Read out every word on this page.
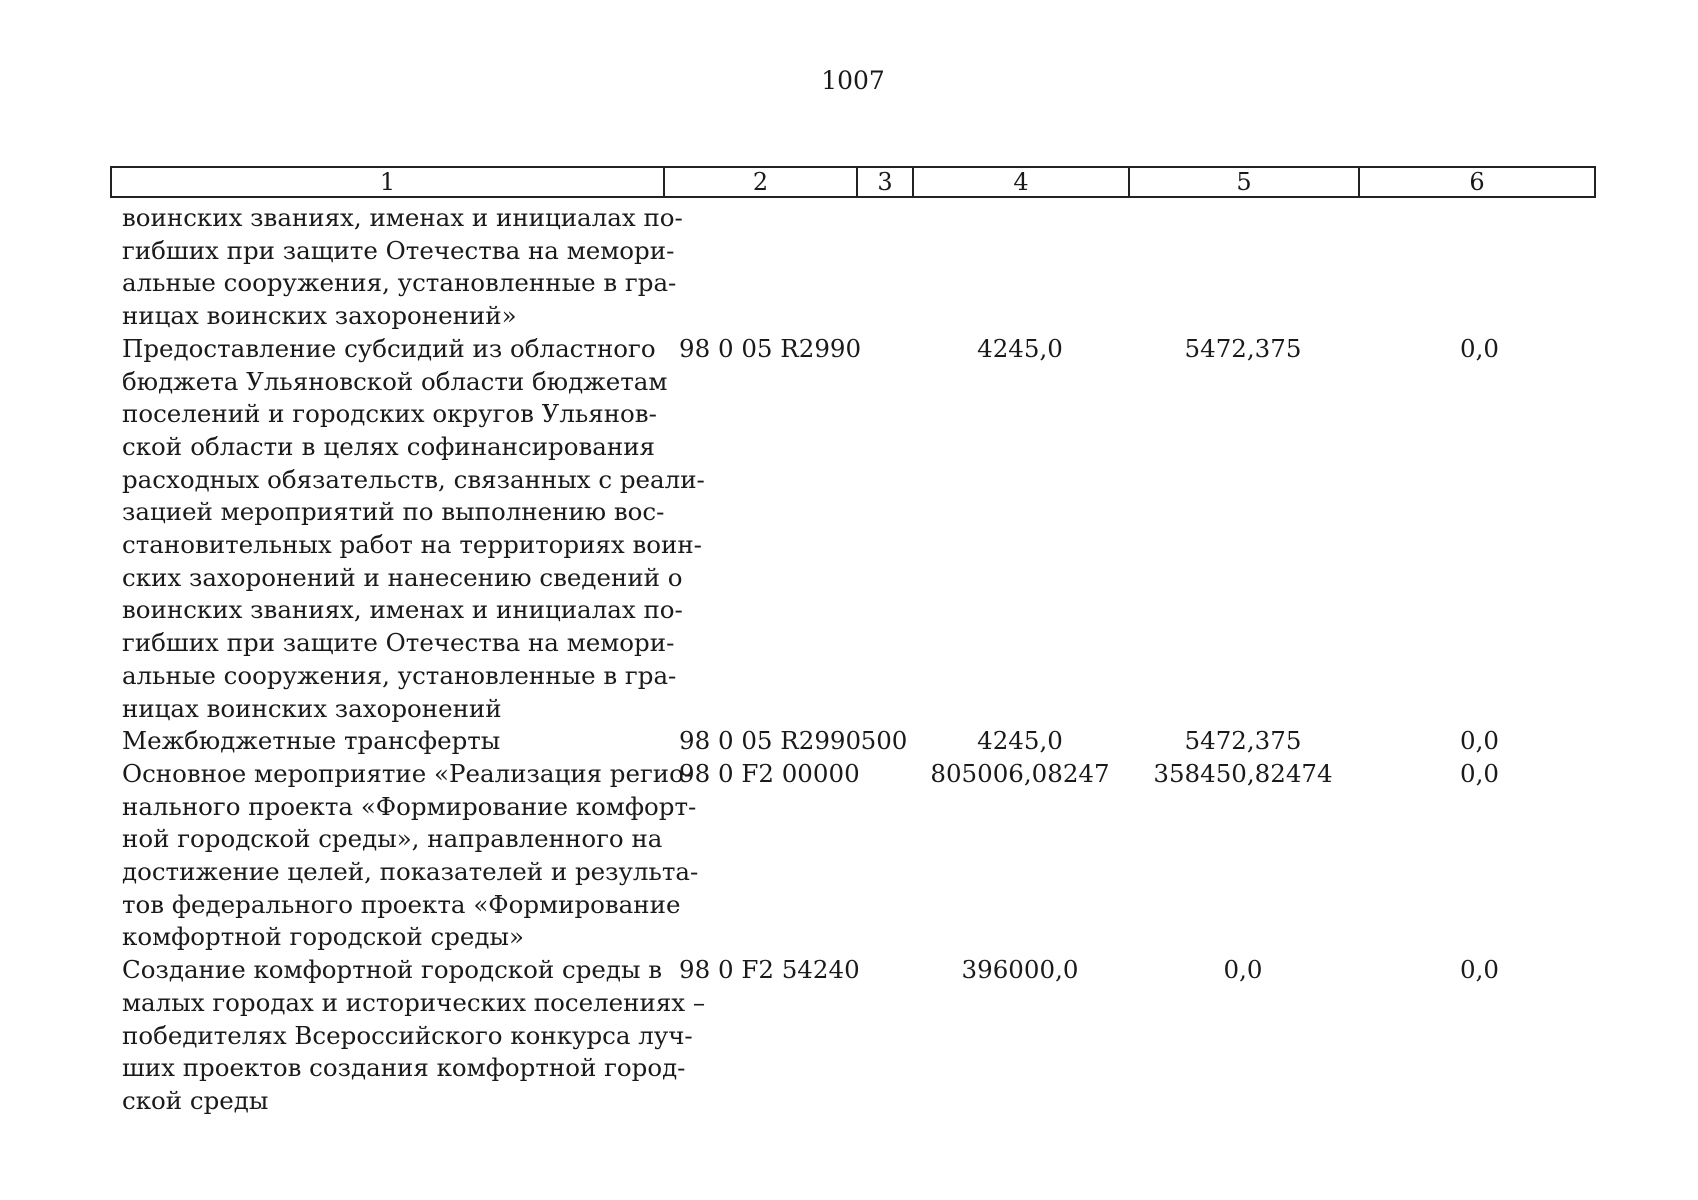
1007
1	2	3	4	5	6
воинских званиях, именах и инициалах по-
гибших при защите Отечества на мемори-
альные сооружения, установленные в гра-
ницах воинских захоронений»
Предоставление субсидий из областного
бюджета Ульяновской области бюджетам
поселений и городских округов Ульянов-
ской области в целях софинансирования
расходных обязательств, связанных с реали-
зацией мероприятий по выполнению вос-
становительных работ на территориях воин-
ских захоронений и нанесению сведений о
воинских званиях, именах и инициалах по-
гибших при защите Отечества на мемори-
альные сооружения, установленные в гра-
ницах воинских захоронений
98 0 05 R2990	4245,0	5472,375	0,0
Межбюджетные трансферты	98 0 05 R2990 500	4245,0	5472,375	0,0
Основное мероприятие «Реализация регио-
нального проекта «Формирование комфорт-
ной городской среды», направленного на
достижение целей, показателей и результа-
тов федерального проекта «Формирование
комфортной городской среды»
98 0 F2 00000	805006,08247	358450,82474	0,0
Создание комфортной городской среды в
малых городах и исторических поселениях –
победителях Всероссийского конкурса луч-
ших проектов создания комфортной город-
ской среды
98 0 F2 54240	396000,0	0,0	0,0
